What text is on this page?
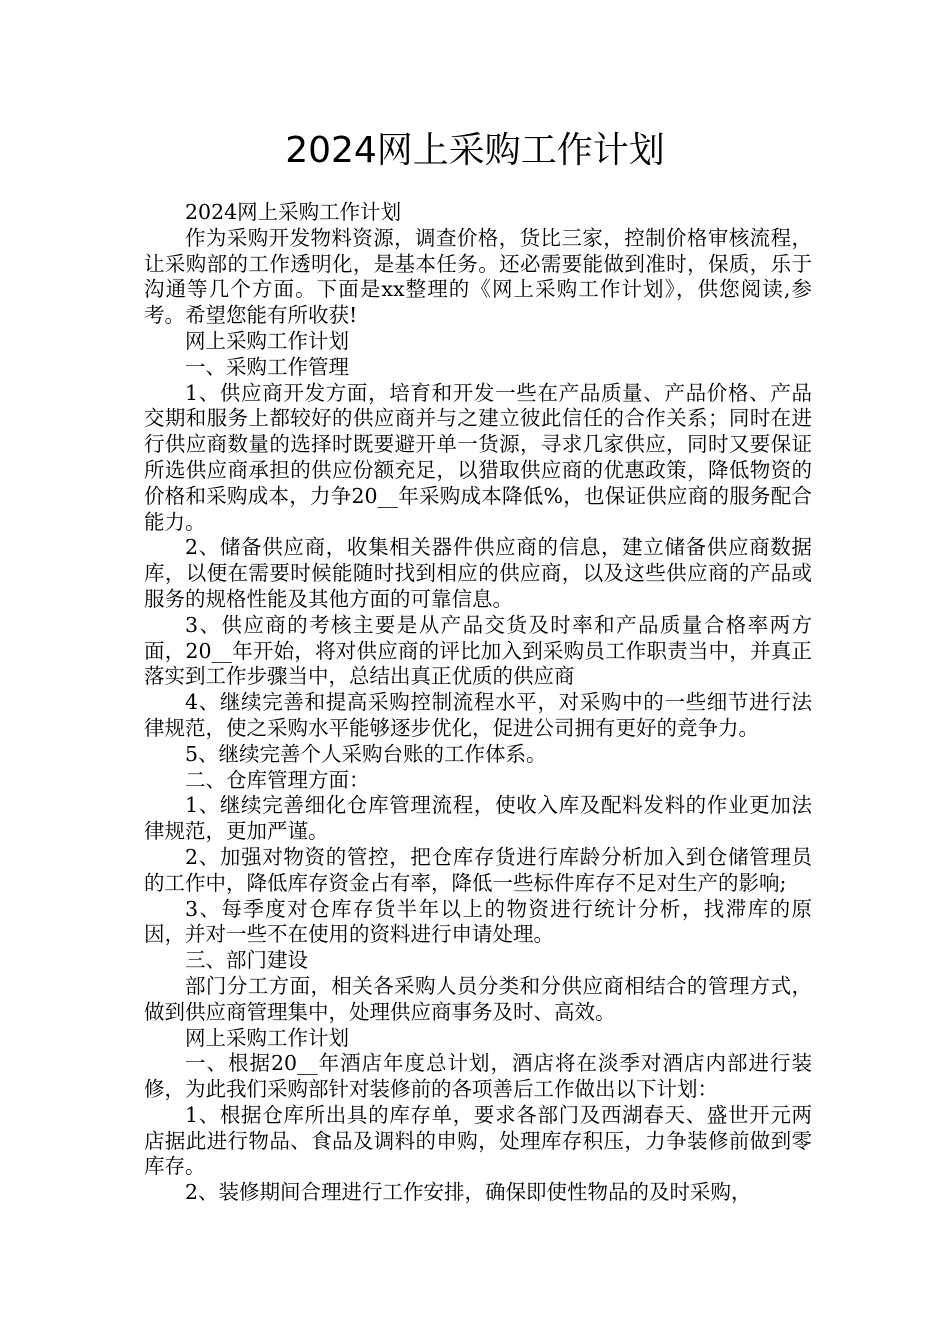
2024网上采购工作计划

2024网上采购工作计划

作为采购开发物料资源，调查价格，货比三家，控制价格审核流程，让采购部的工作透明化，是基本任务。还必需要能做到准时，保质，乐于沟通等几个方面。下面是xx整理的《网上采购工作计划》，供您阅读,参考。希望您能有所收获!

网上采购工作计划

一、采购工作管理

1、供应商开发方面，培育和开发一些在产品质量、产品价格、产品交期和服务上都较好的供应商并与之建立彼此信任的合作关系；同时在进行供应商数量的选择时既要避开单一货源，寻求几家供应，同时又要保证所选供应商承担的供应份额充足，以猎取供应商的优惠政策，降低物资的价格和采购成本，力争20__年采购成本降低%，也保证供应商的服务配合能力。

2、储备供应商，收集相关器件供应商的信息，建立储备供应商数据库，以便在需要时候能随时找到相应的供应商，以及这些供应商的产品或服务的规格性能及其他方面的可靠信息。

3、供应商的考核主要是从产品交货及时率和产品质量合格率两方面，20__年开始，将对供应商的评比加入到采购员工作职责当中，并真正落实到工作步骤当中，总结出真正优质的供应商

4、继续完善和提高采购控制流程水平，对采购中的一些细节进行法律规范，使之采购水平能够逐步优化，促进公司拥有更好的竞争力。

5、继续完善个人采购台账的工作体系。

二、仓库管理方面：

1、继续完善细化仓库管理流程，使收入库及配料发料的作业更加法律规范，更加严谨。

2、加强对物资的管控，把仓库存货进行库龄分析加入到仓储管理员的工作中，降低库存资金占有率，降低一些标件库存不足对生产的影响;

3、每季度对仓库存货半年以上的物资进行统计分析，找滞库的原因，并对一些不在使用的资料进行申请处理。

三、部门建设

部门分工方面，相关各采购人员分类和分供应商相结合的管理方式，做到供应商管理集中，处理供应商事务及时、高效。

网上采购工作计划

一、根据20__年酒店年度总计划，酒店将在淡季对酒店内部进行装修，为此我们采购部针对装修前的各项善后工作做出以下计划：

1、根据仓库所出具的库存单，要求各部门及西湖春天、盛世开元两店据此进行物品、食品及调料的申购，处理库存积压，力争装修前做到零库存。

2、装修期间合理进行工作安排，确保即使性物品的及时采购，
